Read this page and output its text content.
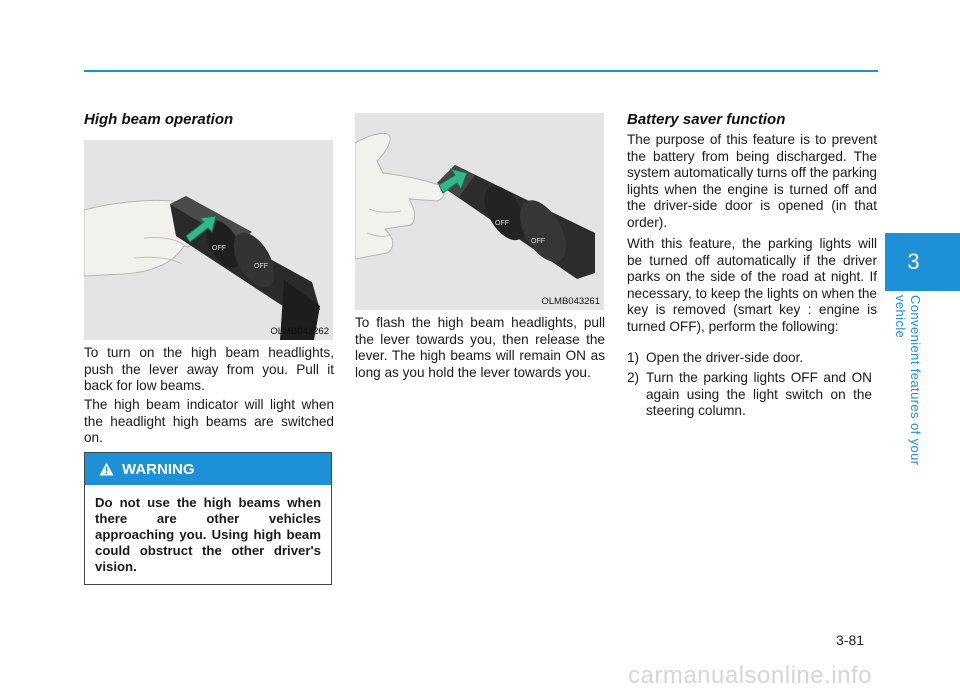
High beam operation
OFF
OFF
OLMB043262

To turn on the high beam headlights, push the lever away from you. Pull it back for low beams.

The high beam indicator will light when the headlight high beams are switched on.

WARNING
Do not use the high beams when there are other vehicles approaching you. Using high beam could obstruct the other driver's vision.
OFF
OFF
OLMB043261

To flash the high beam headlights, pull the lever towards you, then release the lever. The high beams will remain ON as long as you hold the lever towards you.

Battery saver function

The purpose of this feature is to prevent the battery from being discharged. The system automatically turns off the parking lights when the engine is turned off and the driver-side door is opened (in that order).

With this feature, the parking lights will be turned off automatically if the driver parks on the side of the road at night. If necessary, to keep the lights on when the key is removed (smart key : engine is turned OFF), perform the following:

1) Open the driver-side door.
2) Turn the parking lights OFF and ON again using the light switch on the steering column.
3
Convenient features of your vehicle
3-81
carmanualsonline.info
